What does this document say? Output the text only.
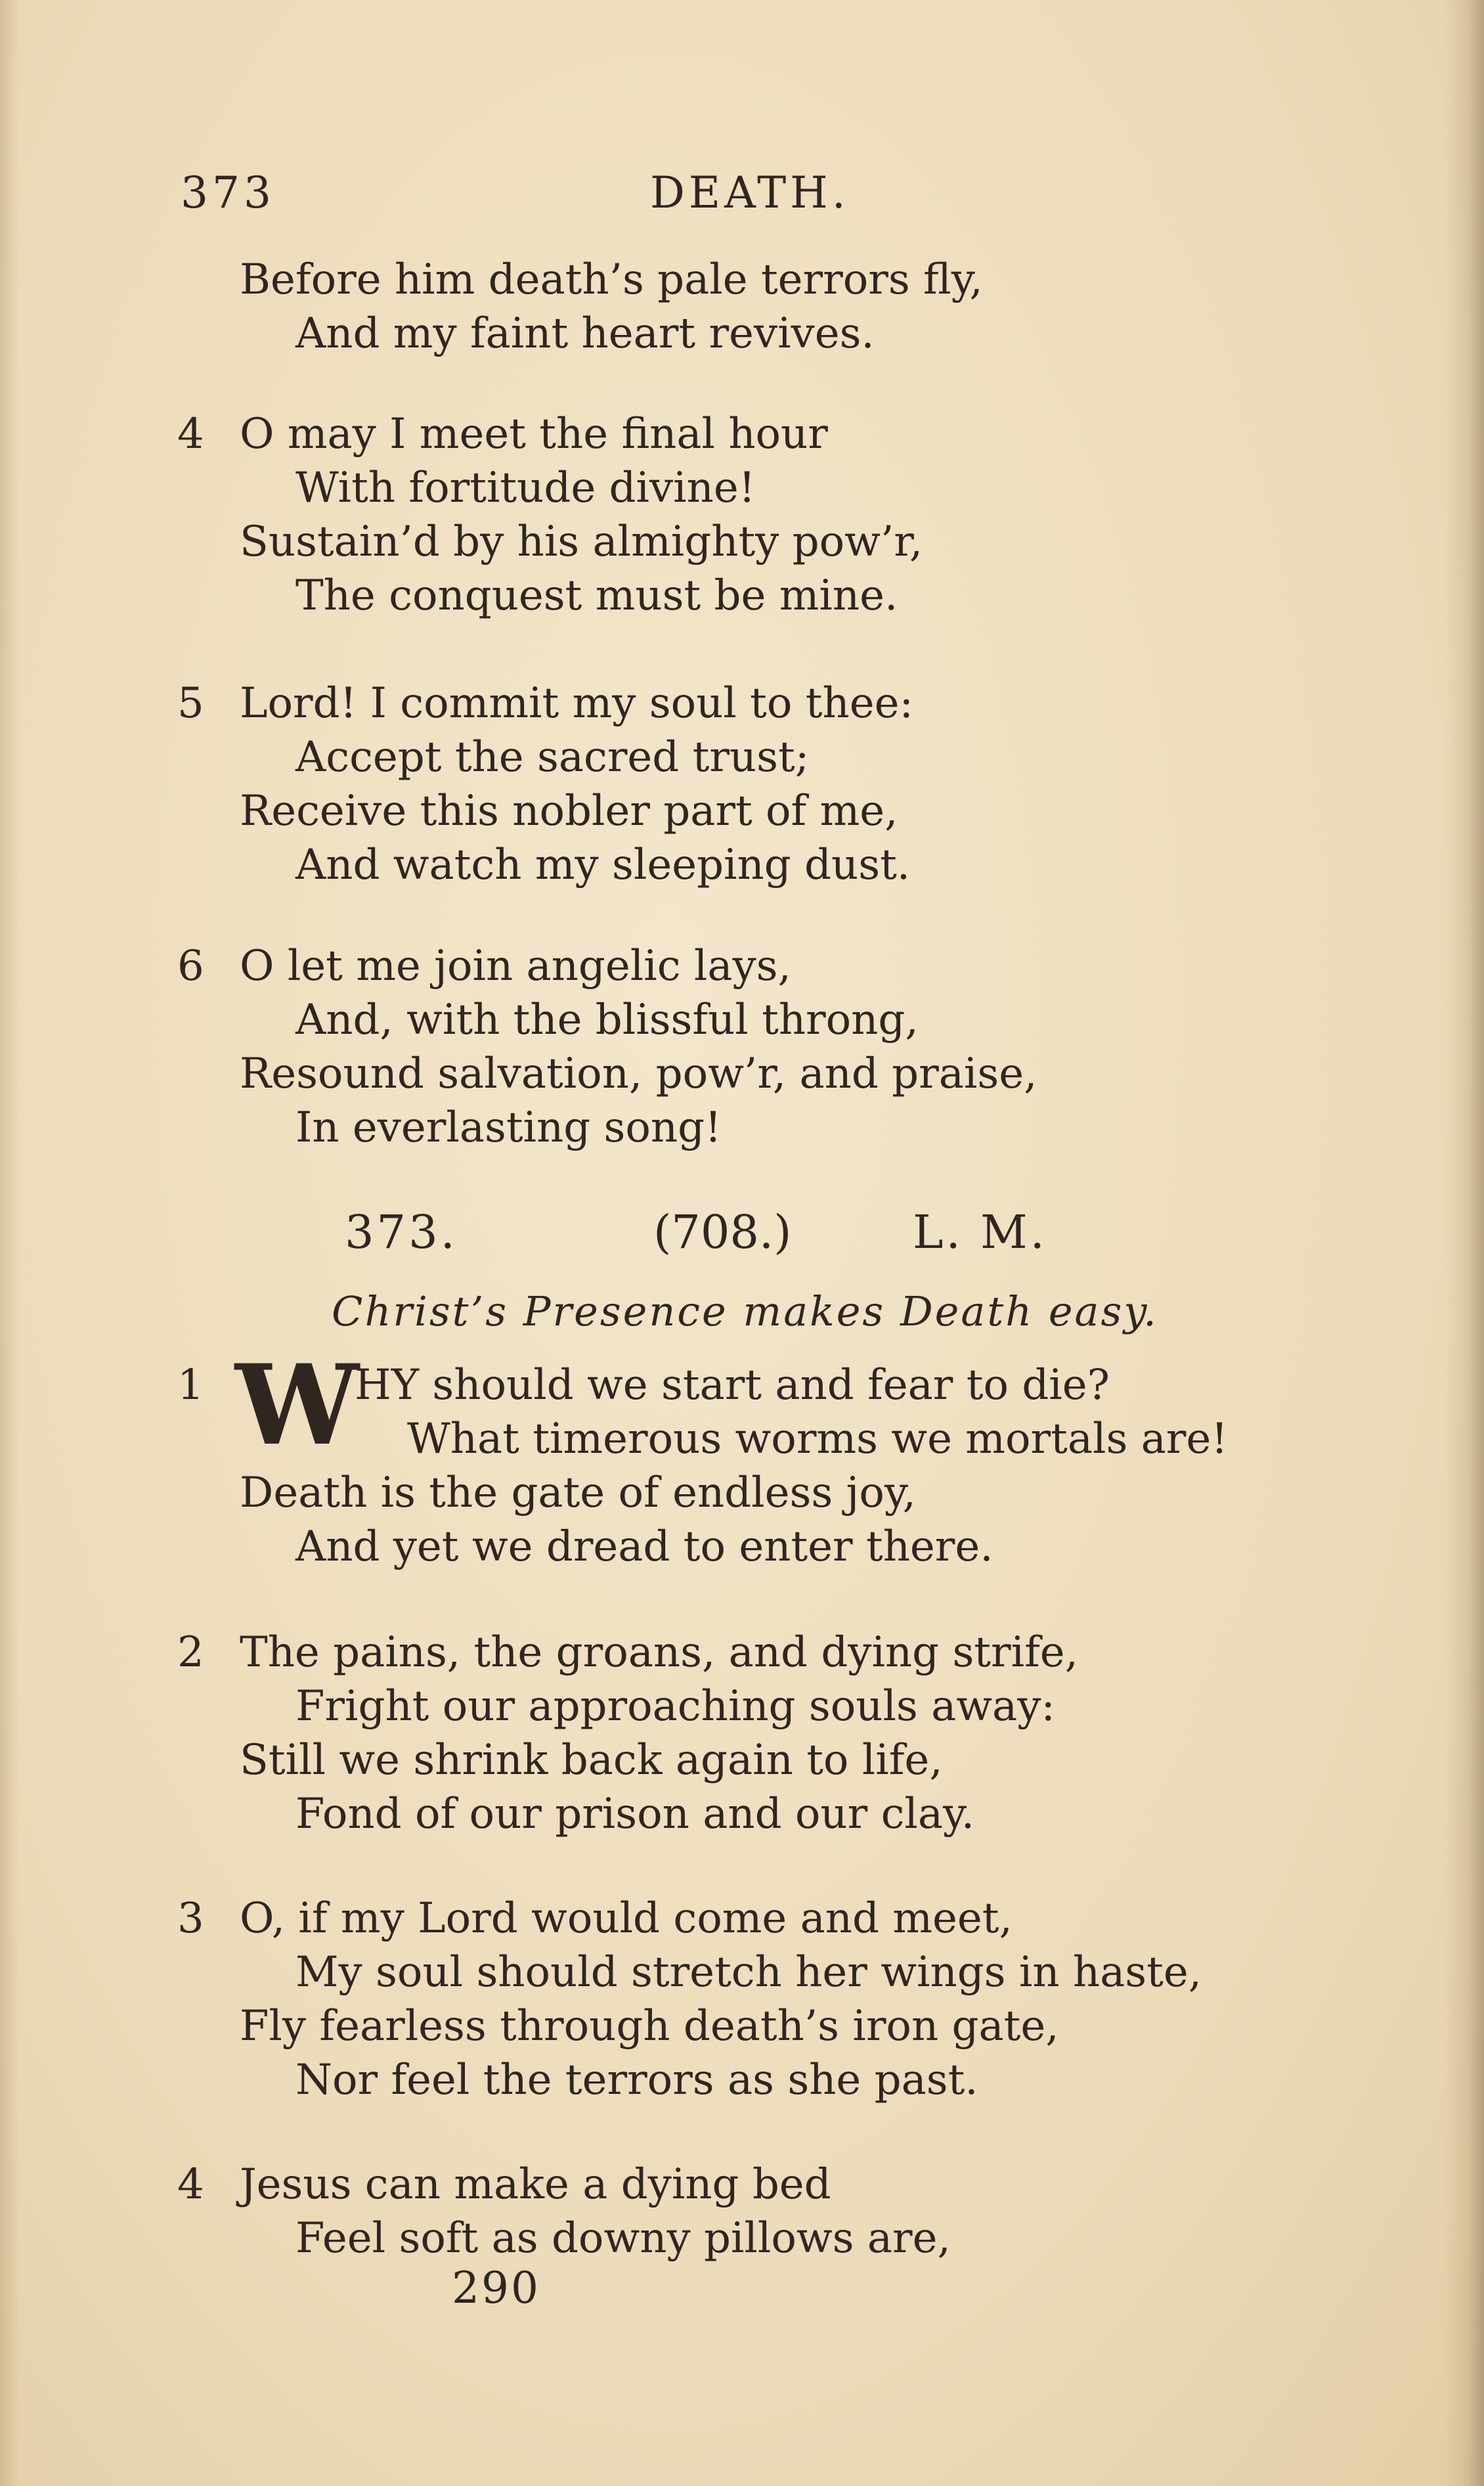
373	DEATH.
Before him death’s pale terrors fly,
And my faint heart revives.
4 O may I meet the final hour
With fortitude divine!
Sustain’d by his almighty pow’r,
The conquest must be mine.
5 Lord! I commit my soul to thee:
Accept the sacred trust;
Receive this nobler part of me,
And watch my sleeping dust.
6 O let me join angelic lays,
And, with the blissful throng,
Resound salvation, pow’r, and praise,
In everlasting song!
373.	(708.)	L. M.
Christ’s Presence makes Death easy.
1 W
HY should we start and fear to die?
What timerous worms we mortals are!
Death is the gate of endless joy,
And yet we dread to enter there.
2 The pains, the groans, and dying strife,
Fright our approaching souls away:
Still we shrink back again to life,
Fond of our prison and our clay.
3 O, if my Lord would come and meet,
My soul should stretch her wings in haste,
Fly fearless through death’s iron gate,
Nor feel the terrors as she past.
4 Jesus can make a dying bed
Feel soft as downy pillows are,
290
